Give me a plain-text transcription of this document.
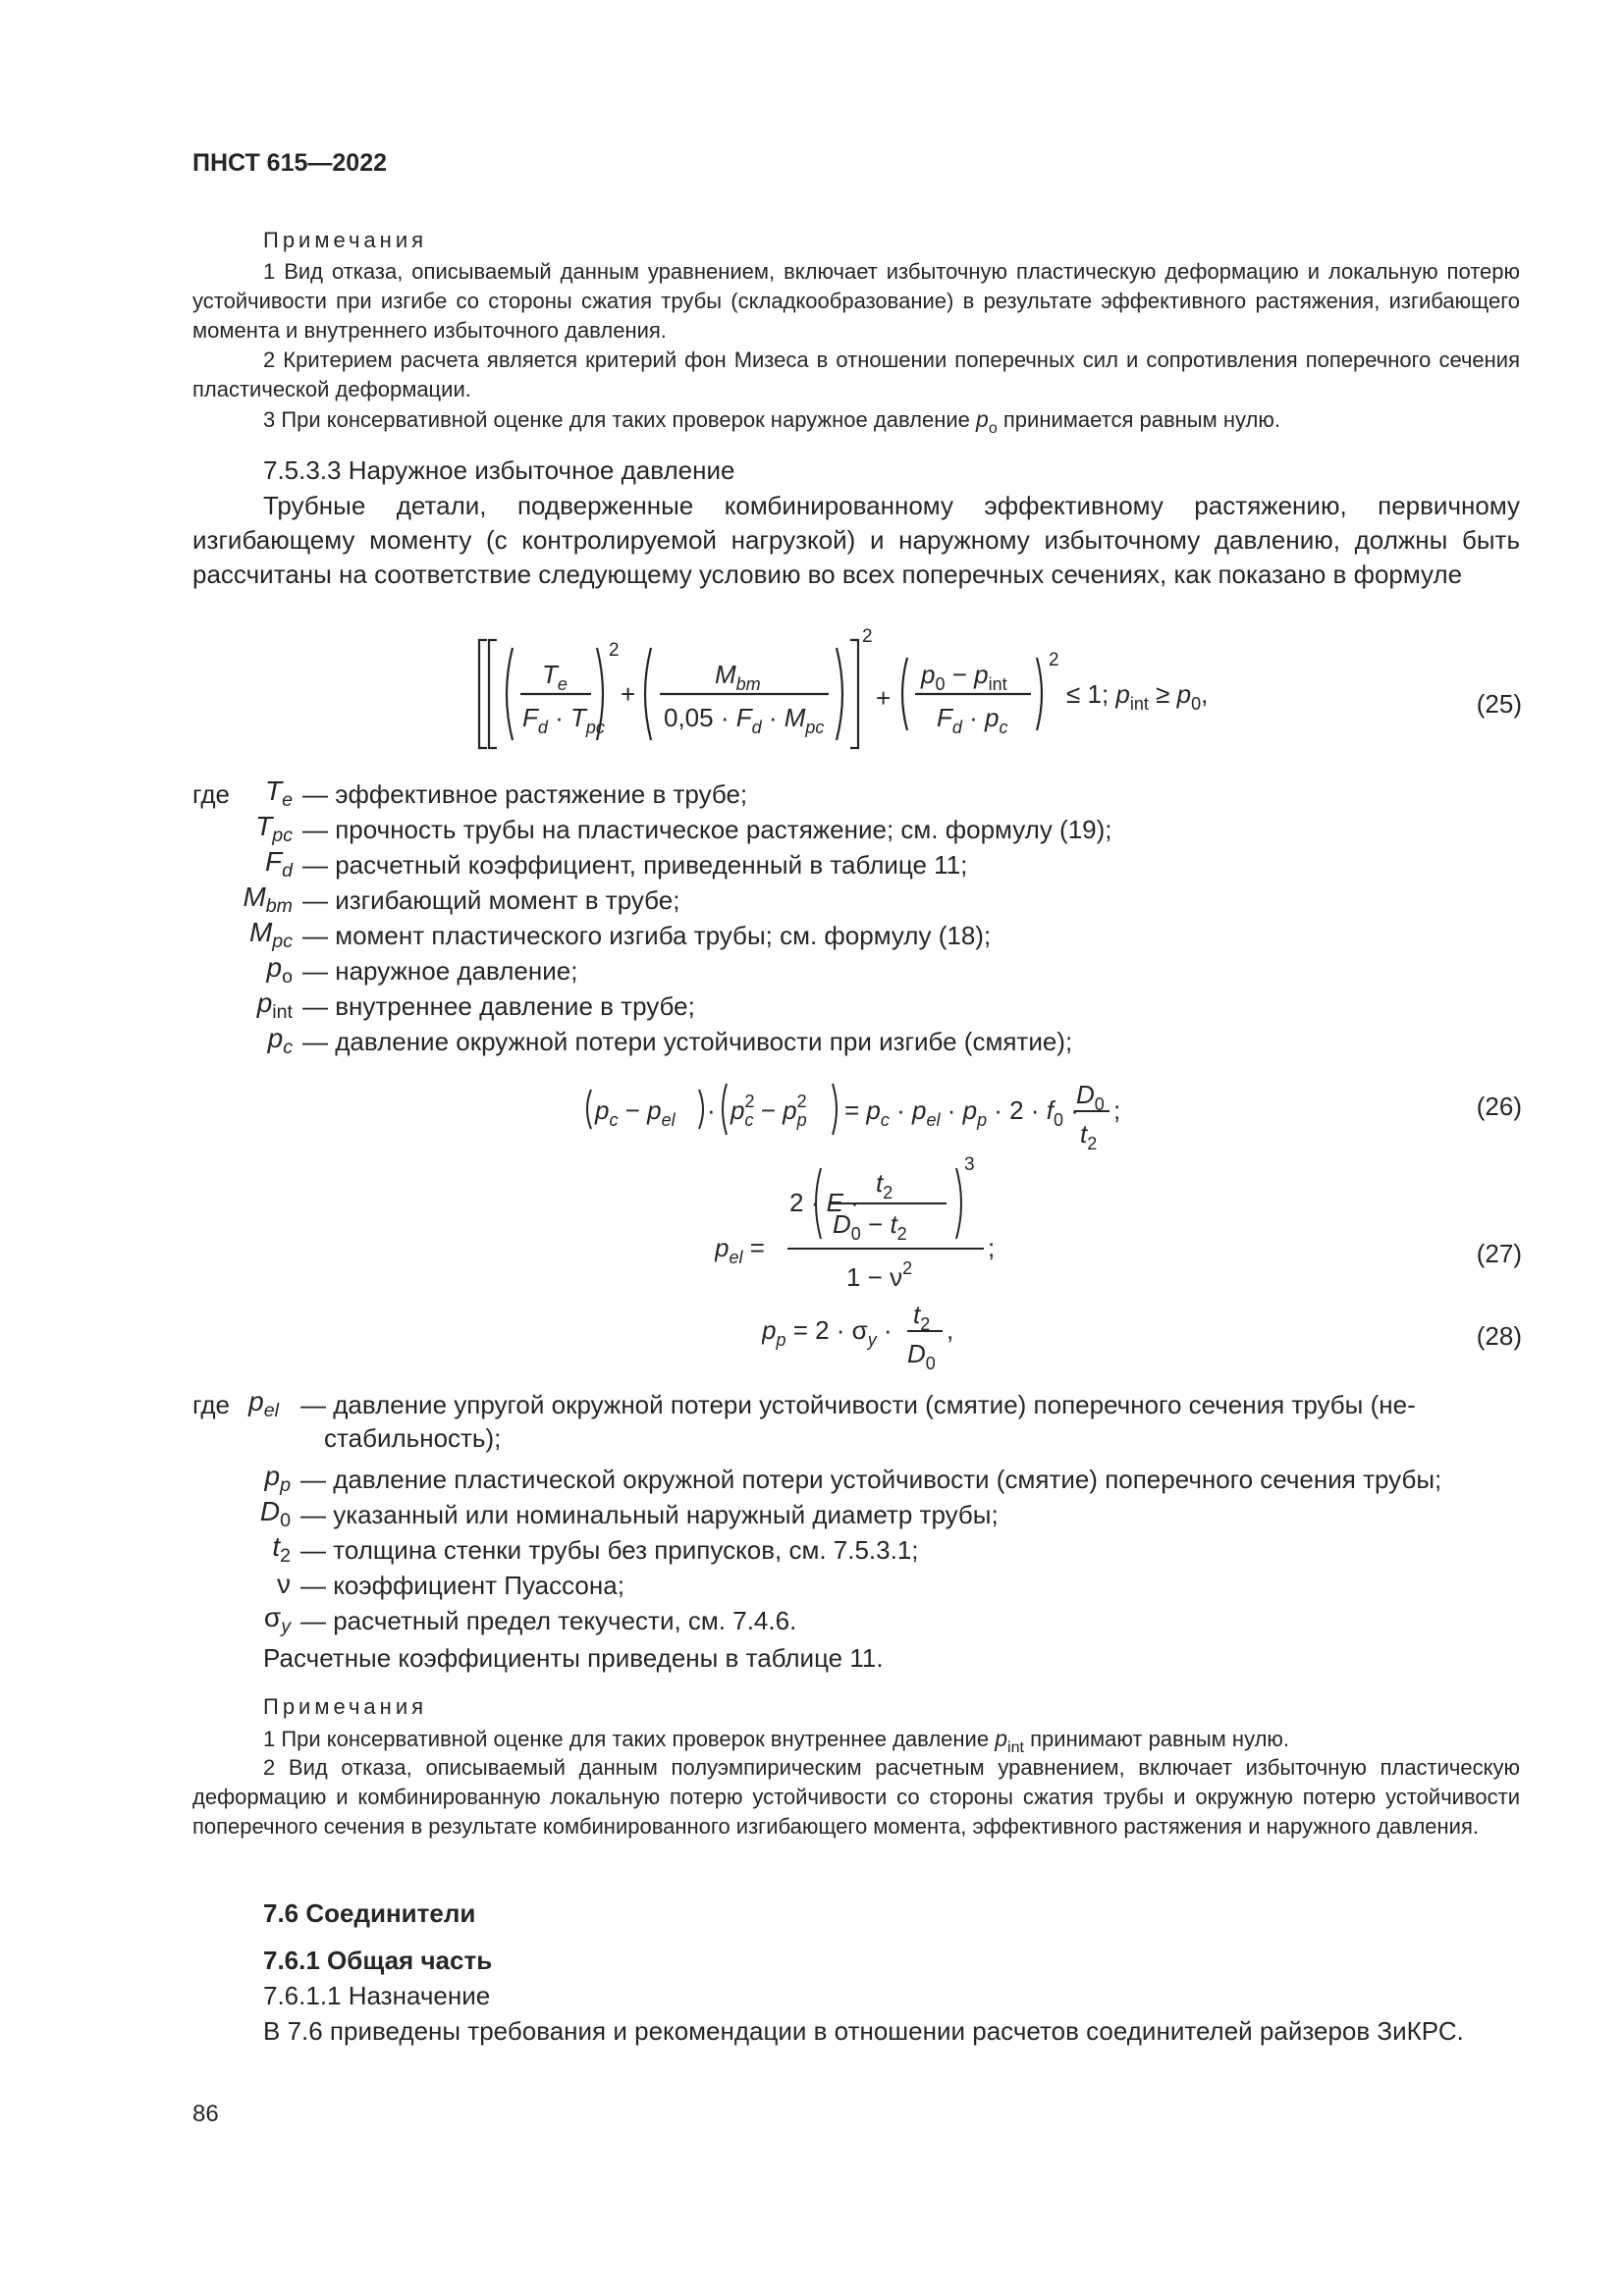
ПНСТ 615—2022
Примечания
1 Вид отказа, описываемый данным уравнением, включает избыточную пластическую деформацию и локальную потерю устойчивости при изгибе со стороны сжатия трубы (складкообразование) в результате эффективного растяжения, изгибающего момента и внутреннего избыточного давления.
2 Критерием расчета является критерий фон Мизеса в отношении поперечных сил и сопротивления поперечного сечения пластической деформации.
3 При консервативной оценке для таких проверок наружное давление $p_o$ принимается равным нулю.
7.5.3.3 Наружное избыточное давление
Трубные детали, подверженные комбинированному эффективному растяжению, первичному изгибающему моменту (с контролируемой нагрузкой) и наружному избыточному давлению, должны быть рассчитаны на соответствие следующему условию во всех поперечных сечениях, как показано в формуле
$T_e$
$F_d \cdot T_{pc}$
2
+
$M_{bm}$
$0,05 \cdot F_d \cdot M_{pc}$
2
+
$p_0 - p_{int}$
$F_d \cdot p_c$
2
≤ 1; $p_{int} \ge p_0$,	(25)
где	$T_e$ — эффективное растяжение в трубе;
$T_{pc}$ — прочность трубы на пластическое растяжение; см. формулу (19);
$F_d$ — расчетный коэффициент, приведенный в таблице 11;
$M_{bm}$ — изгибающий момент в трубе;
$M_{pc}$ — момент пластического изгиба трубы; см. формулу (18);
$p_o$ — наружное давление;
$p_{int}$ — внутреннее давление в трубе;
$p_c$ — давление окружной потери устойчивости при изгибе (смятие);
$p_c - p_{el} \cdot p^2$ $c - p^2$ $p = p_c \cdot p_{el} \cdot p_p \cdot 2 \cdot f_0$ ·
$D_0$
$t_2$
;	(26)
2 · E ·
$t_2$
$D_0 - t_2$
3
$p_{el}$ =	;
$1 - \nu^2$	(27)
$p_p = 2 \cdot \sigma_y$ ·
$t_2$
$D_0$
,	(28)
где $p_{el}$ — давление упругой окружной потери устойчивости (смятие) поперечного сечения трубы (не-
стабильность);
$p_p$ — давление пластической окружной потери устойчивости (смятие) поперечного сечения трубы;
$D_0$ — указанный или номинальный наружный диаметр трубы;
$t_2$ — толщина стенки трубы без припусков, см. 7.5.3.1;
ν — коэффициент Пуассона;
$\sigma_y$ — расчетный предел текучести, см. 7.4.6.
Расчетные коэффициенты приведены в таблице 11.
Примечания
1 При консервативной оценке для таких проверок внутреннее давление $p_{int}$ принимают равным нулю.
2 Вид отказа, описываемый данным полуэмпирическим расчетным уравнением, включает избыточную пластическую деформацию и комбинированную локальную потерю устойчивости со стороны сжатия трубы и окружную потерю устойчивости поперечного сечения в результате комбинированного изгибающего момента, эффективного растяжения и наружного давления.
7.6 Соединители
7.6.1 Общая часть
7.6.1.1 Назначение
В 7.6 приведены требования и рекомендации в отношении расчетов соединителей райзеров ЗиКРС.
86
